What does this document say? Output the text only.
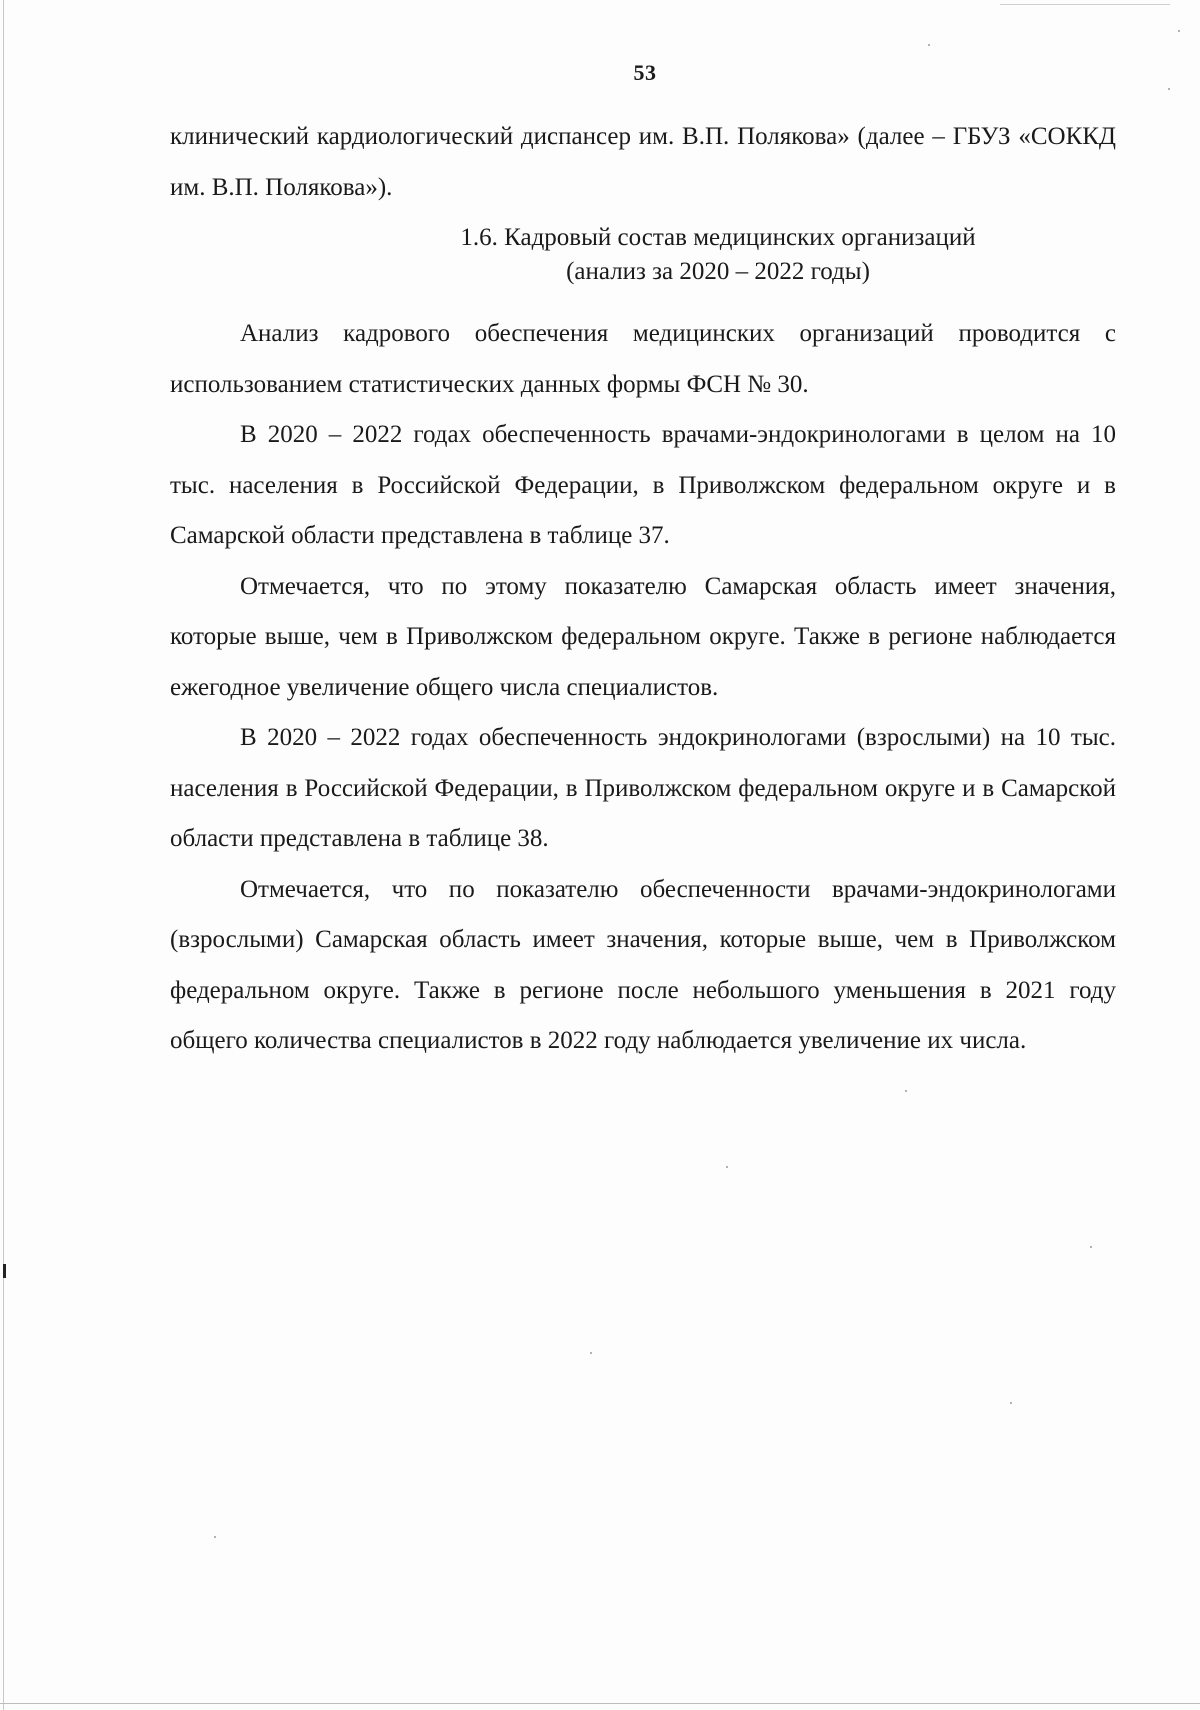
53

клинический кардиологический диспансер им. В.П. Полякова» (далее – ГБУЗ «СОККД им. В.П. Полякова»).

1.6. Кадровый состав медицинских организаций
(анализ за 2020 – 2022 годы)

Анализ кадрового обеспечения медицинских организаций проводится с использованием статистических данных формы ФСН № 30.

В 2020 – 2022 годах обеспеченность врачами-эндокринологами в целом на 10 тыс. населения в Российской Федерации, в Приволжском федеральном округе и в Самарской области представлена в таблице 37.

Отмечается, что по этому показателю Самарская область имеет значения, которые выше, чем в Приволжском федеральном округе. Также в регионе наблюдается ежегодное увеличение общего числа специалистов.

В 2020 – 2022 годах обеспеченность эндокринологами (взрослыми) на 10 тыс. населения в Российской Федерации, в Приволжском федеральном округе и в Самарской области представлена в таблице 38.

Отмечается, что по показателю обеспеченности врачами-эндокринологами (взрослыми) Самарская область имеет значения, которые выше, чем в Приволжском федеральном округе. Также в регионе после небольшого уменьшения в 2021 году общего количества специалистов в 2022 году наблюдается увеличение их числа.
